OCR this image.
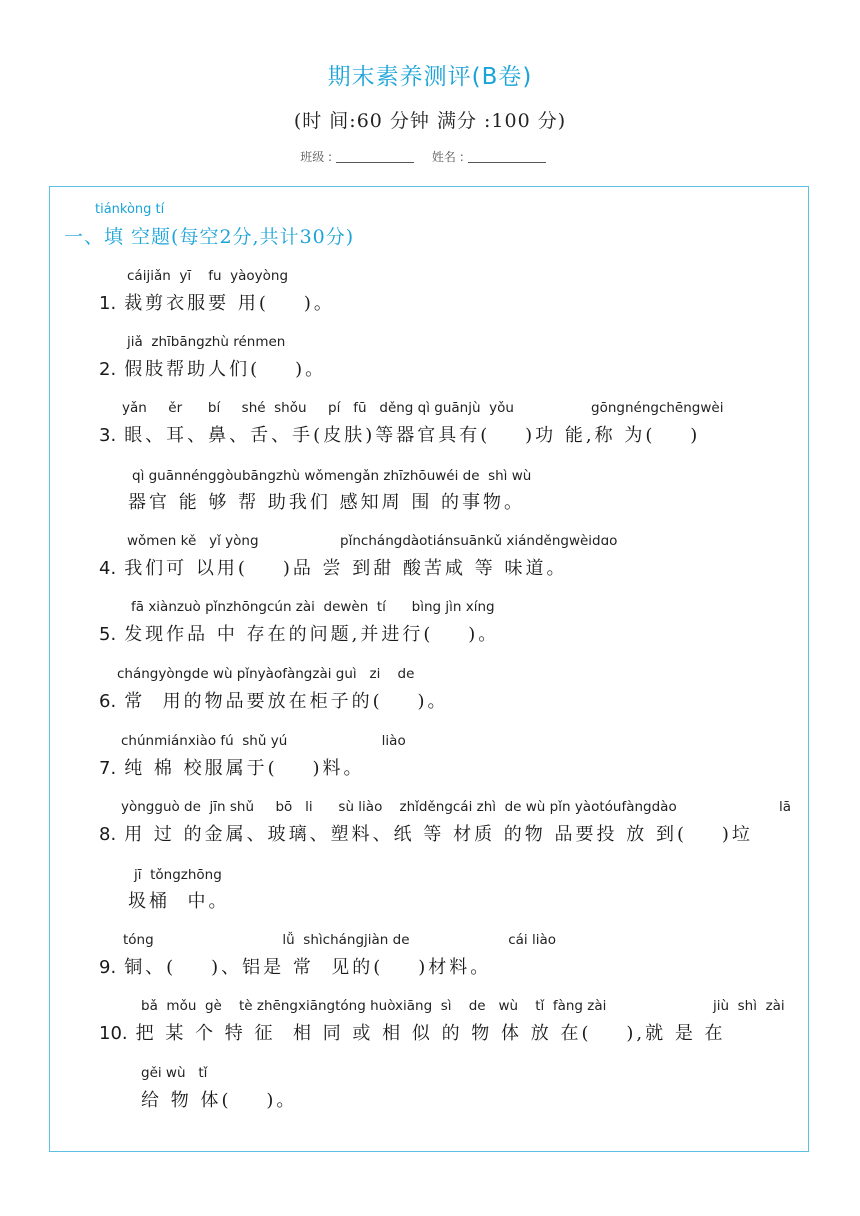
期末素养测评(B卷)
(时 间:60 分钟 满分 :100 分)
班级 :	姓名 :
tiánkòng tí
一、填 空题(每空2分,共计30分)
cáijiǎn  yī    fu  yàoyòng
1. 裁剪衣服要 用(    )。
jiǎ  zhībāngzhù rénmen
2. 假肢帮助人们(    )。
yǎn     ěr      bí     shé  shǒu     pí   fū   děng qì guānjù  yǒu	gōngnéngchēngwèi
3. 眼、耳、鼻、舌、手(皮肤)等器官具有(    )功 能,称 为(    )
qì guānnénggòubāngzhù wǒmengǎn zhīzhōuwéi de  shì wù
器官 能 够 帮 助我们 感知周 围 的事物。
wǒmen kě   yǐ yòng                   pǐnchángdàotiánsuānkǔ xiánděngwèidɑo
4. 我们可 以用(    )品 尝 到甜 酸苦咸 等 味道。
fā xiànzuò pǐnzhōngcún zài  dewèn  tí      bìng jìn xíng
5. 发现作品 中 存在的问题,并进行(    )。
chángyòngde wù pǐnyàofàngzài guì   zi    de
6. 常  用的物品要放在柜子的(    )。
chúnmiánxiào fú  shǔ yú                      liào
7. 纯 棉 校服属于(    )料。
yòngguò de  jīn shǔ     bō   li      sù liào    zhǐděngcái zhì  de wù pǐn yàotóufàngdào	lā
8. 用 过 的金属、玻璃、塑料、纸 等 材质 的物 品要投 放 到(    )垃
jī  tǒngzhōng
圾桶  中。
tóng                              lǚ  shìchángjiàn de                       cái liào
9. 铜、(    )、铝是 常  见的(    )材料。
bǎ  mǒu  gè    tè zhēngxiāngtóng huòxiāng  sì    de   wù    tǐ  fàng zài	jiù  shì  zài
10. 把 某 个 特 征  相 同 或 相 似 的 物 体 放 在(    ),就 是 在
gěi wù   tǐ
给 物 体(    )。
